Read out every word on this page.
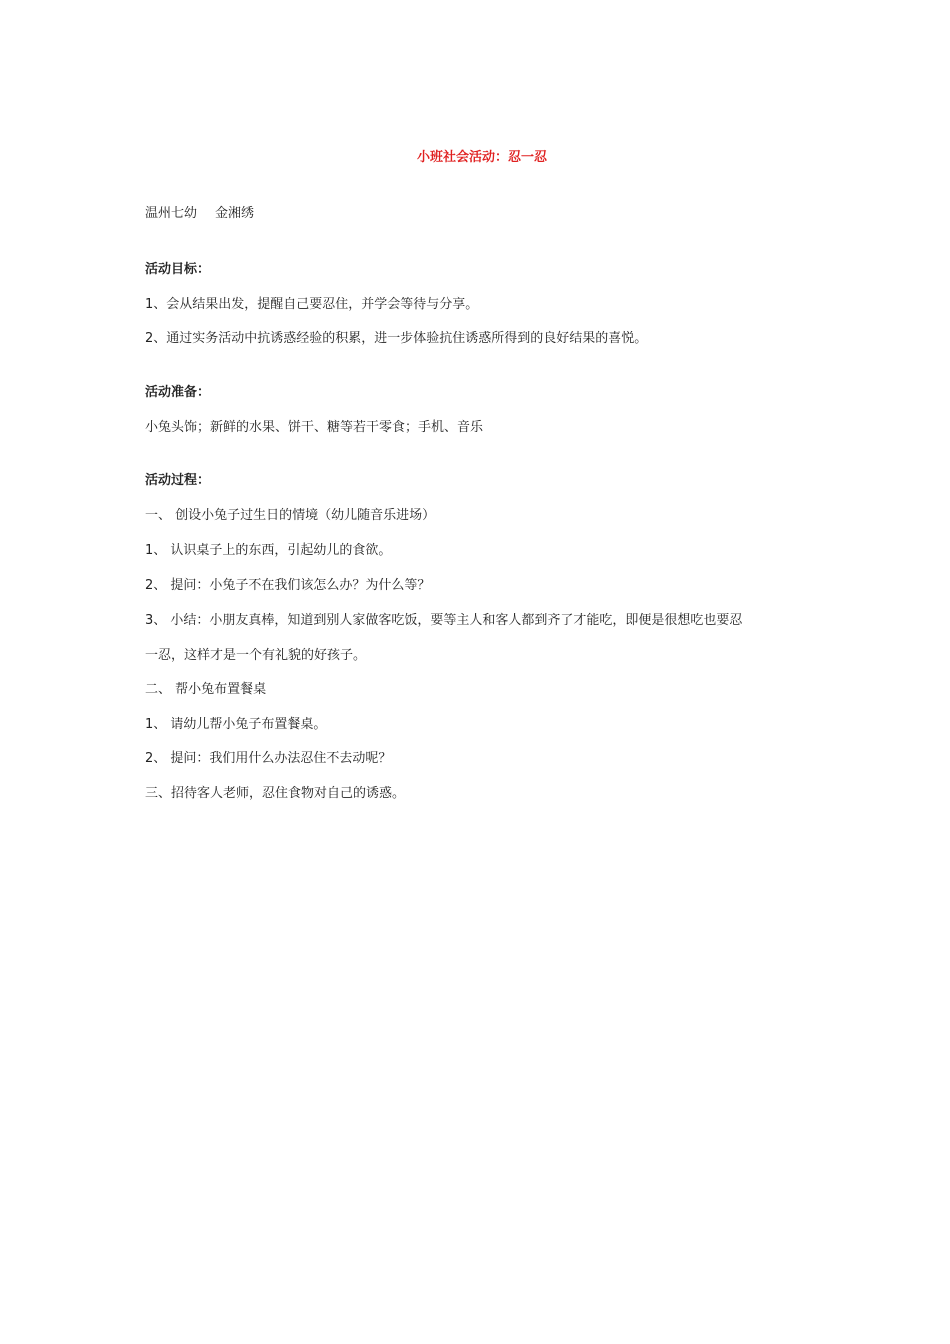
小班社会活动：忍一忍
温州七幼 金湘绣
活动目标：
1、会从结果出发，提醒自己要忍住，并学会等待与分享。
2、通过实务活动中抗诱惑经验的积累，进一步体验抗住诱惑所得到的良好结果的喜悦。
活动准备：
小兔头饰；新鲜的水果、饼干、糖等若干零食；手机、音乐
活动过程：
一、 创设小兔子过生日的情境（幼儿随音乐进场）
1、 认识桌子上的东西，引起幼儿的食欲。
2、 提问：小兔子不在我们该怎么办？为什么等？
3、 小结：小朋友真棒，知道到别人家做客吃饭，要等主人和客人都到齐了才能吃，即便是很想吃也要忍
一忍，这样才是一个有礼貌的好孩子。
二、 帮小兔布置餐桌
1、 请幼儿帮小兔子布置餐桌。
2、 提问：我们用什么办法忍住不去动呢？
三、招待客人老师，忍住食物对自己的诱惑。
